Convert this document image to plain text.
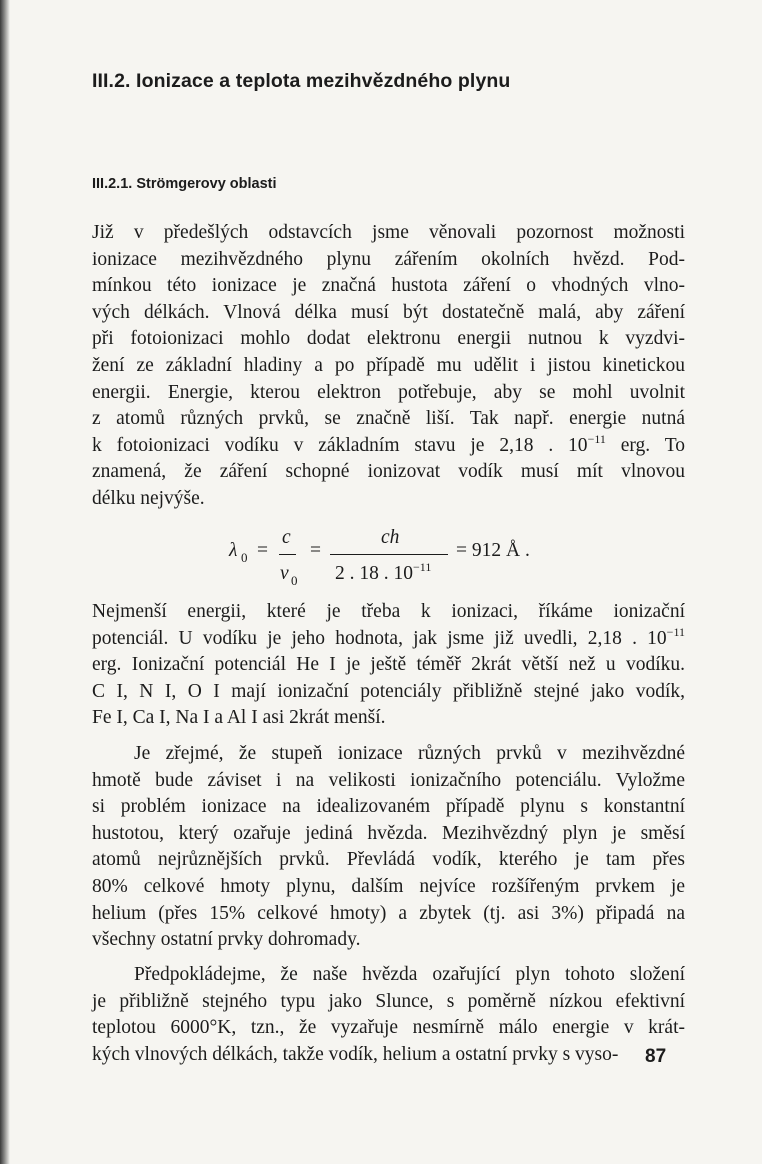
III.2. Ionizace a teplota mezihvězdného plynu
III.2.1. Strömgerovy oblasti

Již v předešlých odstavcích jsme věnovali pozornost možnosti
ionizace mezihvězdného plynu zářením okolních hvězd. Pod-
mínkou této ionizace je značná hustota záření o vhodných vlno-
vých délkách. Vlnová délka musí být dostatečně malá, aby záření
při fotoionizaci mohlo dodat elektronu energii nutnou k vyzdvi-
žení ze základní hladiny a po případě mu udělit i jistou kinetickou
energii. Energie, kterou elektron potřebuje, aby se mohl uvolnit
z atomů různých prvků, se značně liší. Tak např. energie nutná
k fotoionizaci vodíku v základním stavu je 2,18 . $10^{-11}$ erg. To
znamená, že záření schopné ionizovat vodík musí mít vlnovou
délku nejvýše.

λ 0 =
c
ν 0
=
ch
2 . 18 . $10^{-11}$
= 912 Å .

Nejmenší energii, které je třeba k ionizaci, říkáme ionizační
potenciál. U vodíku je jeho hodnota, jak jsme již uvedli, 2,18 . $10^{-11}$
erg. Ionizační potenciál He I je ještě téměř 2krát větší než u vodíku.
C I, N I, O I mají ionizační potenciály přibližně stejné jako vodík,
Fe I, Ca I, Na I a Al I asi 2krát menší.

Je zřejmé, že stupeň ionizace různých prvků v mezihvězdné
hmotě bude záviset i na velikosti ionizačního potenciálu. Vyložme
si problém ionizace na idealizovaném případě plynu s konstantní
hustotou, který ozařuje jediná hvězda. Mezihvězdný plyn je směsí
atomů nejrůznějších prvků. Převládá vodík, kterého je tam přes
80% celkové hmoty plynu, dalším nejvíce rozšířeným prvkem je
helium (přes 15% celkové hmoty) a zbytek (tj. asi 3%) připadá na
všechny ostatní prvky dohromady.

Předpokládejme, že naše hvězda ozařující plyn tohoto složení
je přibližně stejného typu jako Slunce, s poměrně nízkou efektivní
teplotou 6000°K, tzn., že vyzařuje nesmírně málo energie v krát-
kých vlnových délkách, takže vodík, helium a ostatní prvky s vyso-	87
